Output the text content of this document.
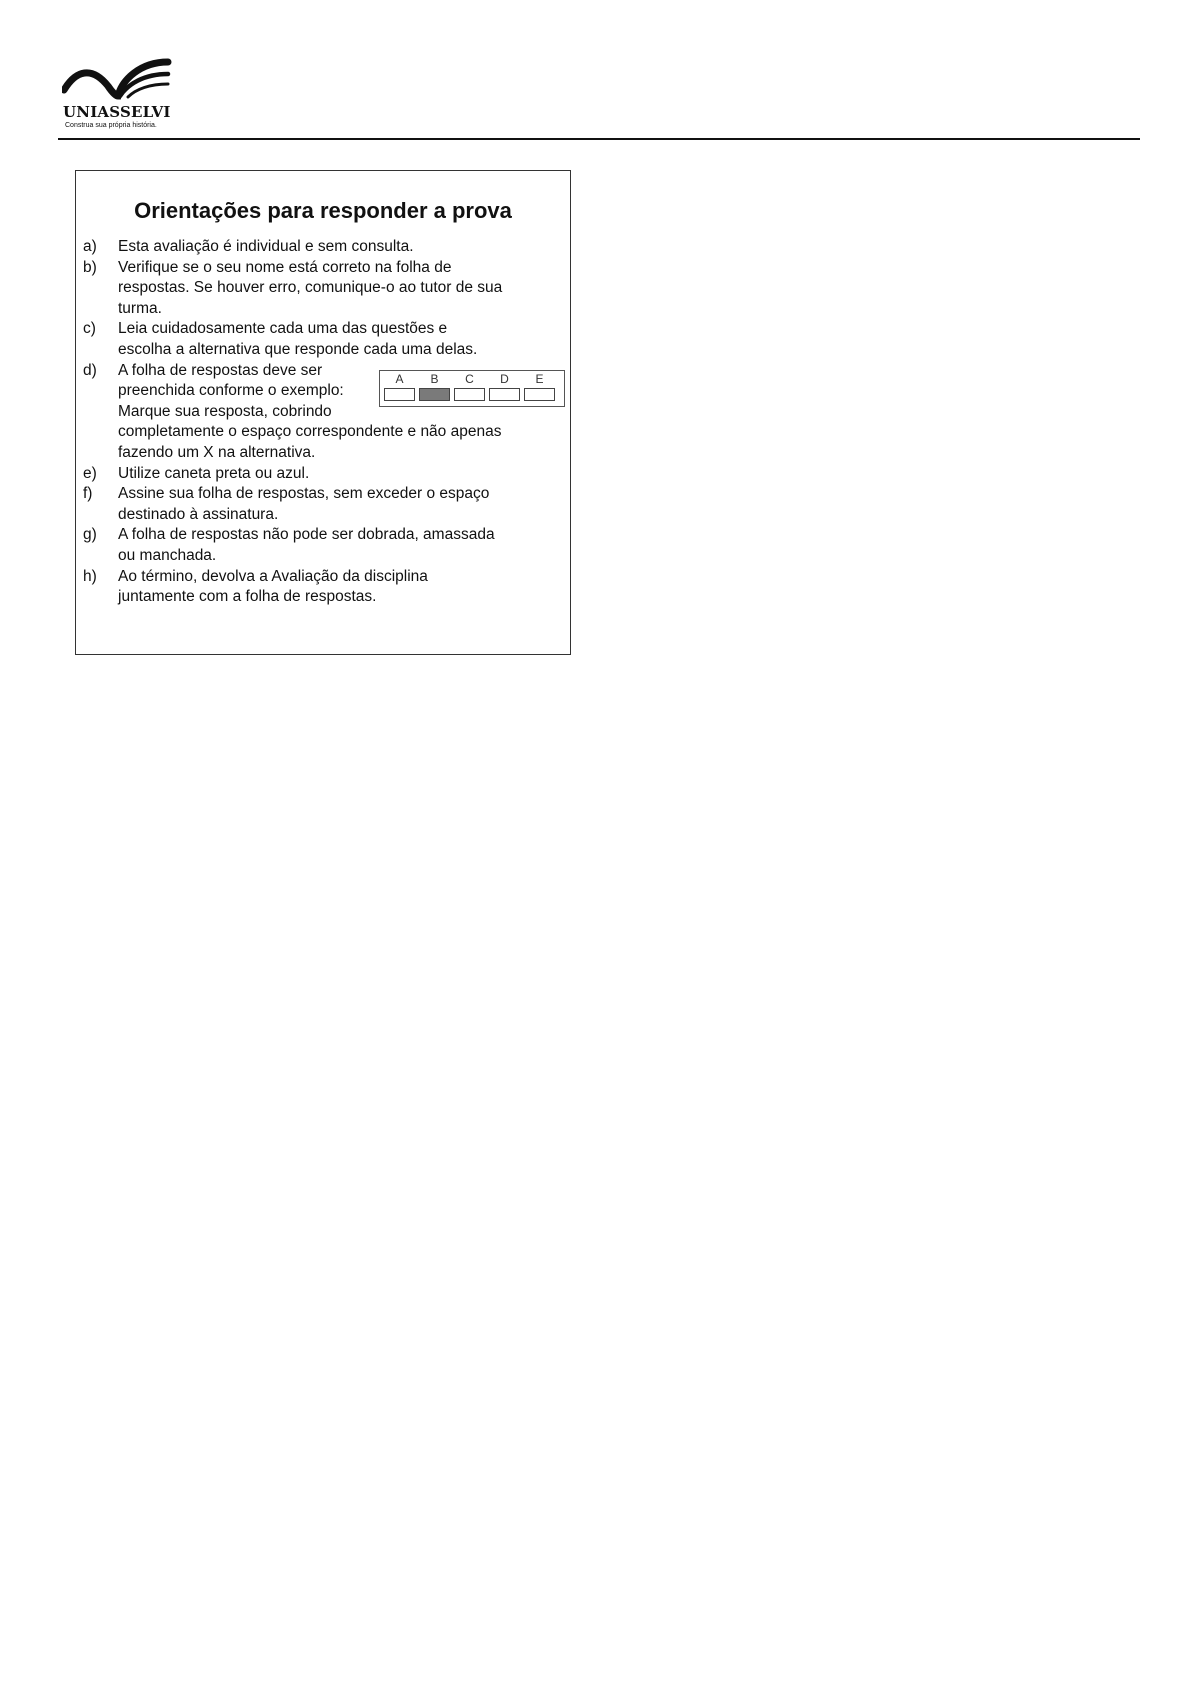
UNIASSELVI
Construa sua própria história.
Orientações para responder a prova
a) Esta avaliação é individual e sem consulta.
b) Verifique se o seu nome está correto na folha de
respostas. Se houver erro, comunique-o ao tutor de sua
turma.
c) Leia cuidadosamente cada uma das questões e
escolha a alternativa que responde cada uma delas.
d) A folha de respostas deve ser
preenchida conforme o exemplo:
Marque sua resposta, cobrindo
completamente o espaço correspondente e não apenas
fazendo um X na alternativa.
e) Utilize caneta preta ou azul.
f) Assine sua folha de respostas, sem exceder o espaço
destinado à assinatura.
g) A folha de respostas não pode ser dobrada, amassada
ou manchada.
h) Ao término, devolva a Avaliação da disciplina
juntamente com a folha de respostas.
A	B	C	D	E
